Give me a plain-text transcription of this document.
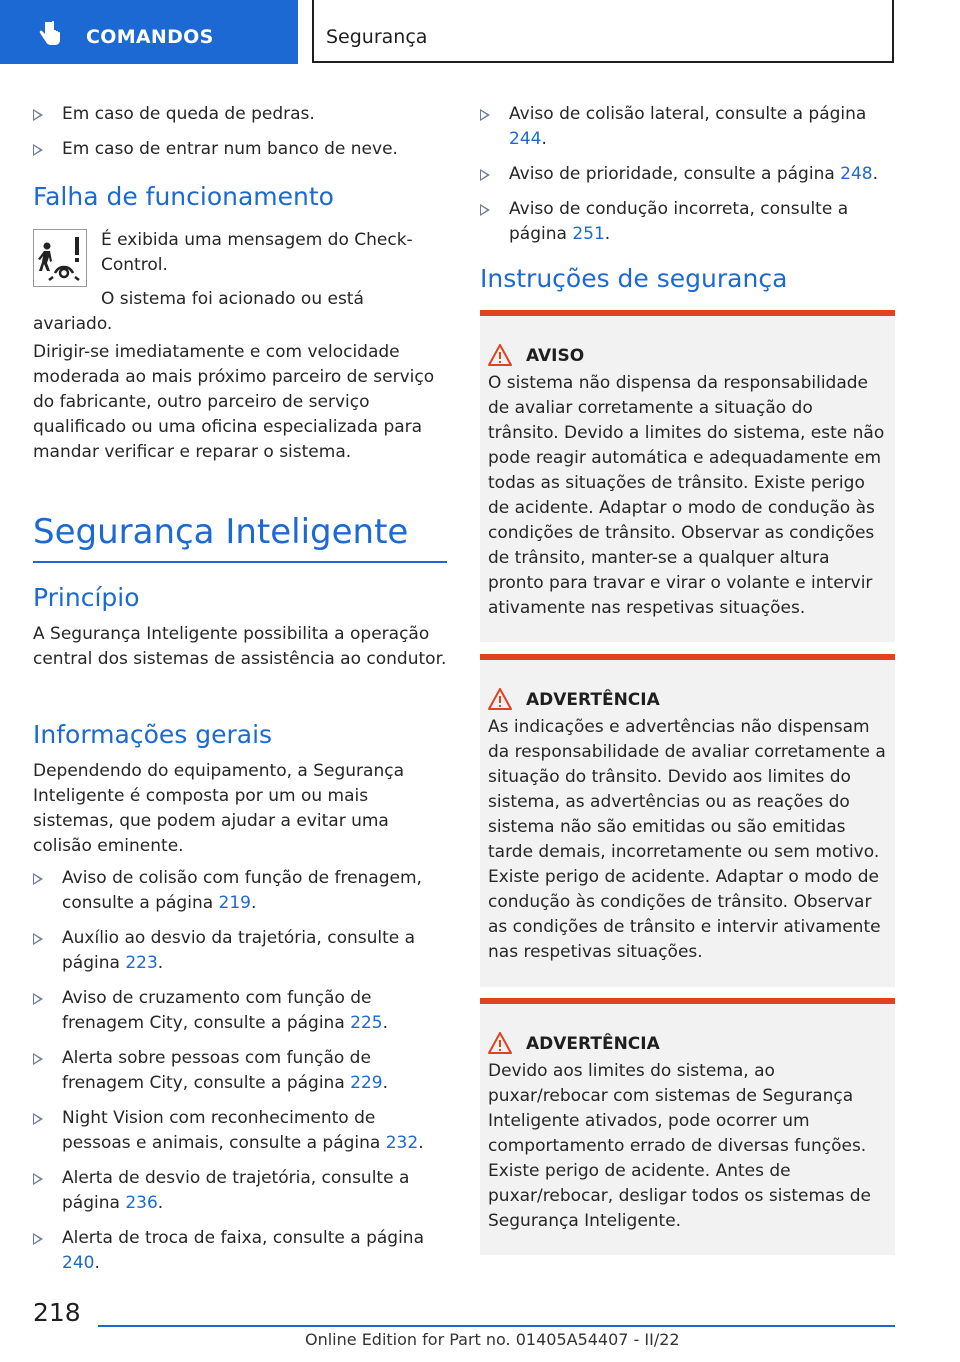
COMANDOS	Segurança
Em caso de queda de pedras.
Em caso de entrar num banco de neve.
Falha de funcionamento
É exibida uma mensagem do Check-Control.
O sistema foi acionado ou está avariado.
Dirigir-se imediatamente e com velocidade moderada ao mais próximo parceiro de serviço do fabricante, outro parceiro de serviço qualificado ou uma oficina especializada para mandar verificar e reparar o sistema.
Segurança Inteligente
Princípio
A Segurança Inteligente possibilita a operação central dos sistemas de assistência ao condutor.
Informações gerais
Dependendo do equipamento, a Segurança Inteligente é composta por um ou mais sistemas, que podem ajudar a evitar uma colisão eminente.
Aviso de colisão com função de frenagem, consulte a página 219.
Auxílio ao desvio da trajetória, consulte a página 223.
Aviso de cruzamento com função de frenagem City, consulte a página 225.
Alerta sobre pessoas com função de frenagem City, consulte a página 229.
Night Vision com reconhecimento de pessoas e animais, consulte a página 232.
Alerta de desvio de trajetória, consulte a página 236.
Alerta de troca de faixa, consulte a página 240.
Aviso de colisão lateral, consulte a página 244.
Aviso de prioridade, consulte a página 248.
Aviso de condução incorreta, consulte a página 251.
Instruções de segurança
AVISO
O sistema não dispensa da responsabilidade de avaliar corretamente a situação do trânsito. Devido a limites do sistema, este não pode reagir automática e adequadamente em todas as situações de trânsito. Existe perigo de acidente. Adaptar o modo de condução às condições de trânsito. Observar as condições de trânsito, manter-se a qualquer altura pronto para travar e virar o volante e intervir ativamente nas respetivas situações.
ADVERTÊNCIA
As indicações e advertências não dispensam da responsabilidade de avaliar corretamente a situação do trânsito. Devido aos limites do sistema, as advertências ou as reações do sistema não são emitidas ou são emitidas tarde demais, incorretamente ou sem motivo. Existe perigo de acidente. Adaptar o modo de condução às condições de trânsito. Observar as condições de trânsito e intervir ativamente nas respetivas situações.
ADVERTÊNCIA
Devido aos limites do sistema, ao puxar/rebocar com sistemas de Segurança Inteligente ativados, pode ocorrer um comportamento errado de diversas funções. Existe perigo de acidente. Antes de puxar/rebocar, desligar todos os sistemas de Segurança Inteligente.
218
Online Edition for Part no. 01405A54407 - II/22
